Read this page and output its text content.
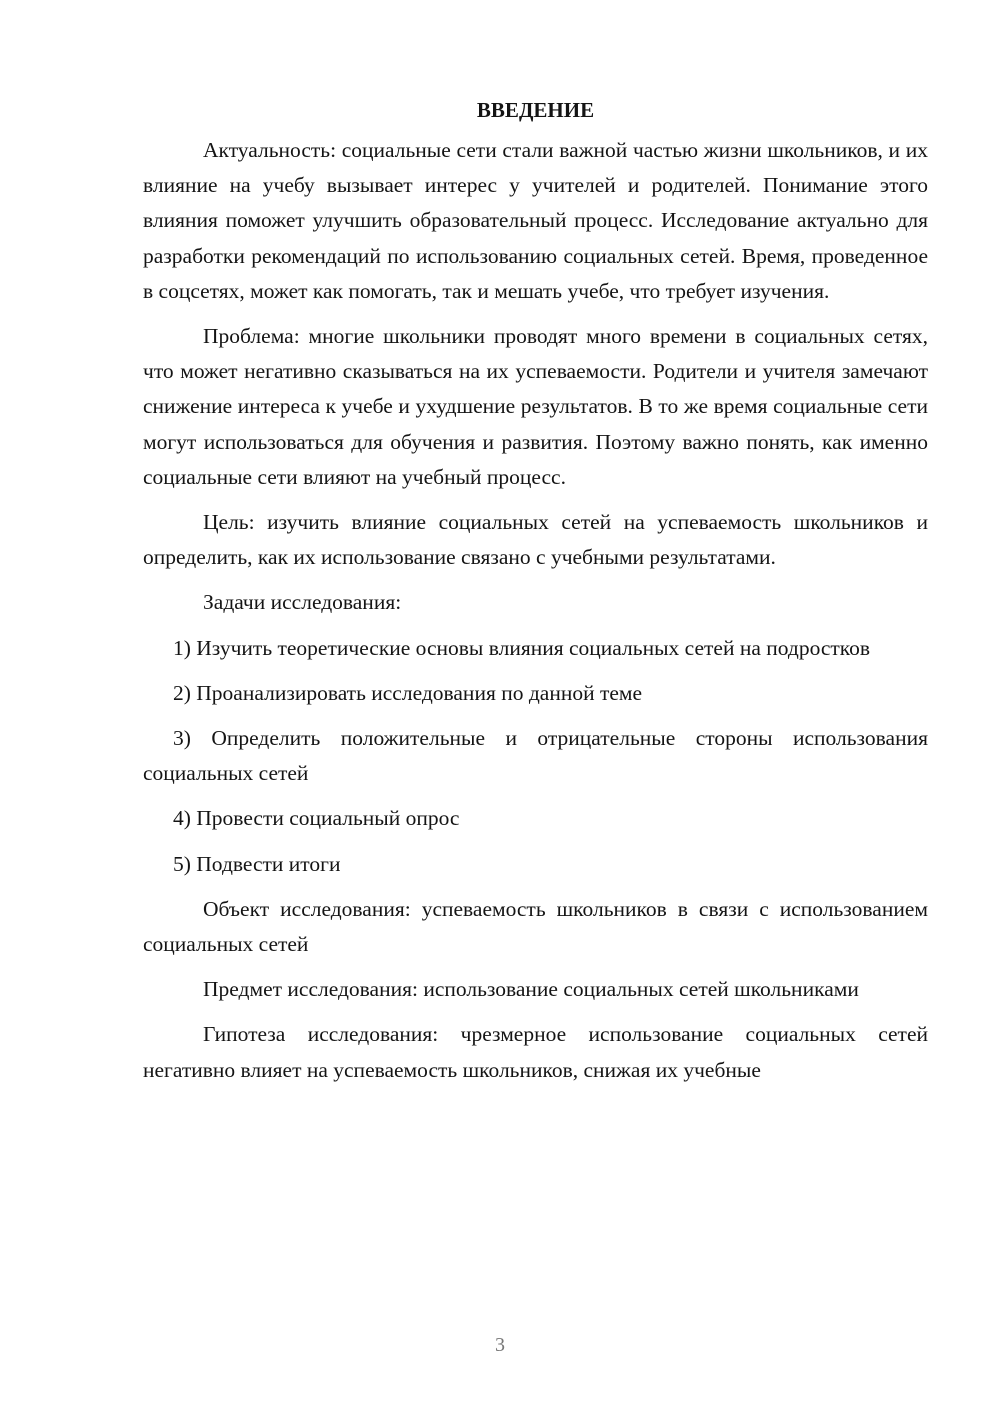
ВВЕДЕНИЕ

Актуальность: социальные сети стали важной частью жизни школьников, и их влияние на учебу вызывает интерес у учителей и родителей. Понимание этого влияния поможет улучшить образовательный процесс. Исследование актуально для разработки рекомендаций по использованию социальных сетей. Время, проведенное в соцсетях, может как помогать, так и мешать учебе, что требует изучения.

Проблема: многие школьники проводят много времени в социальных сетях, что может негативно сказываться на их успеваемости. Родители и учителя замечают снижение интереса к учебе и ухудшение результатов. В то же время социальные сети могут использоваться для обучения и развития. Поэтому важно понять, как именно социальные сети влияют на учебный процесс.

Цель: изучить влияние социальных сетей на успеваемость школьников и определить, как их использование связано с учебными результатами.

Задачи исследования:

1) Изучить теоретические основы влияния социальных сетей на подростков

2) Проанализировать исследования по данной теме

3) Определить положительные и отрицательные стороны использования социальных сетей

4) Провести социальный опрос

5) Подвести итоги

Объект исследования: успеваемость школьников в связи с использованием социальных сетей

Предмет исследования: использование социальных сетей школьниками

Гипотеза исследования: чрезмерное использование социальных сетей негативно влияет на успеваемость школьников, снижая их учебные

3
